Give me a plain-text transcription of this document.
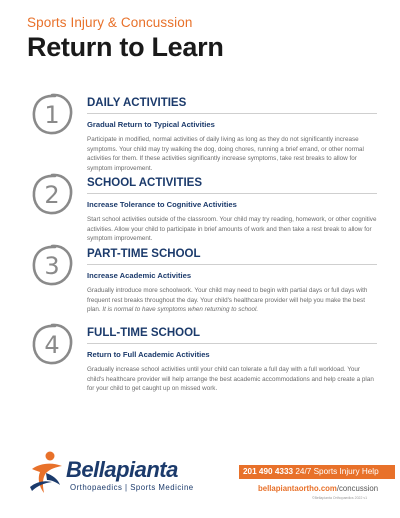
Sports Injury & Concussion
Return to Learn
1 DAILY ACTIVITIES
Gradual Return to Typical Activities
Participate in modified, normal activities of daily living as long as they do not significantly increase symptoms. Your child may try walking the dog, doing chores, running a brief errand, or other normal activities for them. If these activities significantly increase symptoms, take rest breaks to allow for symptom improvement.
2 SCHOOL ACTIVITIES
Increase Tolerance to Cognitive Activities
Start school activities outside of the classroom. Your child may try reading, homework, or other cognitive activities. Allow your child to participate in brief amounts of work and then take a rest break to allow for symptom improvement.
3 PART-TIME SCHOOL
Increase Academic Activities
Gradually introduce more schoolwork. Your child may need to begin with partial days or full days with frequent rest breaks throughout the day. Your child's healthcare provider will help you make the best plan. It is normal to have symptoms when returning to school.
4 FULL-TIME SCHOOL
Return to Full Academic Activities
Gradually increase school activities until your child can tolerate a full day with a full workload. Your child's healthcare provider will help arrange the best academic accommodations and help create a plan for your child to get caught up on missed work.
Bellapianta
Orthopaedics | Sports Medicine
201 490 4333 24/7 Sports Injury Help
bellapiantaortho.com/concussion
©Bellapianta Orthopaedics 2022 v1
